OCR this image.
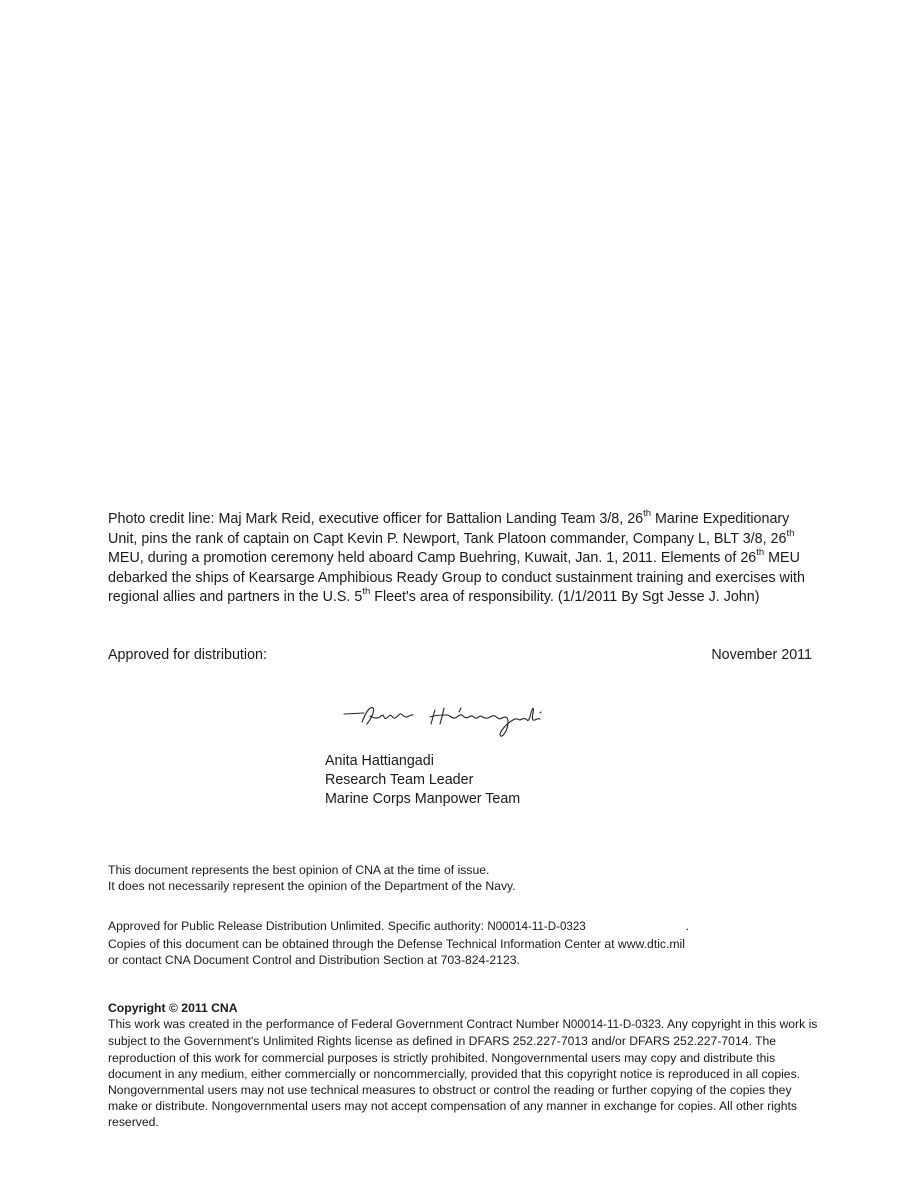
Photo credit line: Maj Mark Reid, executive officer for Battalion Landing Team 3/8, 26th Marine Expeditionary Unit, pins the rank of captain on Capt Kevin P. Newport, Tank Platoon commander, Company L, BLT 3/8, 26th MEU, during a promotion ceremony held aboard Camp Buehring, Kuwait, Jan. 1, 2011. Elements of 26th MEU debarked the ships of Kearsarge Amphibious Ready Group to conduct sustainment training and exercises with regional allies and partners in the U.S. 5th Fleet's area of responsibility. (1/1/2011 By Sgt Jesse J. John)
Approved for distribution:	November 2011
Anita Hattiangadi
Research Team Leader
Marine Corps Manpower Team
This document represents the best opinion of CNA at the time of issue.
It does not necessarily represent the opinion of the Department of the Navy.
Approved for Public Release Distribution Unlimited. Specific authority: N00014-11-D-0323	.
Copies of this document can be obtained through the Defense Technical Information Center at www.dtic.mil
or contact CNA Document Control and Distribution Section at 703-824-2123.
Copyright © 2011 CNA
This work was created in the performance of Federal Government Contract Number N00014-11-D-0323. Any copyright in this work is subject to the Government's Unlimited Rights license as defined in DFARS 252.227-7013 and/or DFARS 252.227-7014. The reproduction of this work for commercial purposes is strictly prohibited. Nongovernmental users may copy and distribute this document in any medium, either commercially or noncommercially, provided that this copyright notice is reproduced in all copies. Nongovernmental users may not use technical measures to obstruct or control the reading or further copying of the copies they make or distribute. Nongovernmental users may not accept compensation of any manner in exchange for copies. All other rights reserved.
